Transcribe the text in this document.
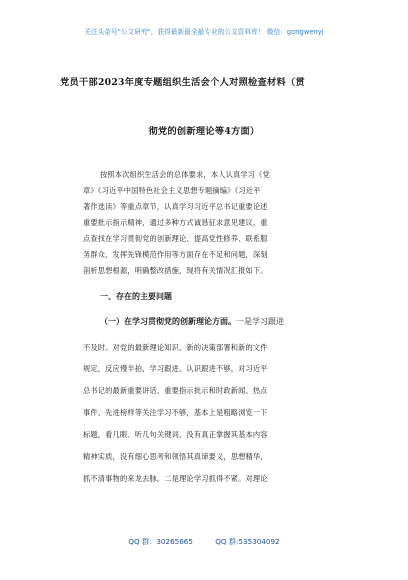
关注头条号"公文研究"，获得最新最全最专业的公文资料库！ 微信：gongwenyj
党员干部2023年度专题组织生活会个人对照检查材料（贯
彻党的创新理论等4方面）
按照本次组织生活会的总体要求，本人认真学习《党
章》《习近平中国特色社会主义思想专题摘编》《习近平
著作选读》等重点章节，认真学习习近平总书记重要论述
重要批示指示精神，通过多种方式诚恳征求意见建议，重
点查找在学习贯彻党的创新理论、提高党性修养、联系服
务群众、发挥先锋模范作用等方面存在不足和问题，深刻
剖析思想根源，明确整改措施，现将有关情况汇报如下。
一、存在的主要问题
（一）在学习贯彻党的创新理论方面。一是学习跟进
不及时。对党的最新理论知识、新的决策部署和新的文件
规定，反应慢半拍，学习跟进、认识跟进不够，对习近平
总书记的最新重要讲话、重要指示批示和时政新闻、热点
事件、先进榜样等关注学习不够，基本上是粗略浏览一下
标题，看几眼、听几句关键词，没有真正掌握其基本内容
精神实质，没有细心思考和领悟其真谛要义，思想精华，
抓不清事物的来龙去脉。二是理论学习抓得不紧。对理论
QQ 群：30265665	QQ 群:535304092
